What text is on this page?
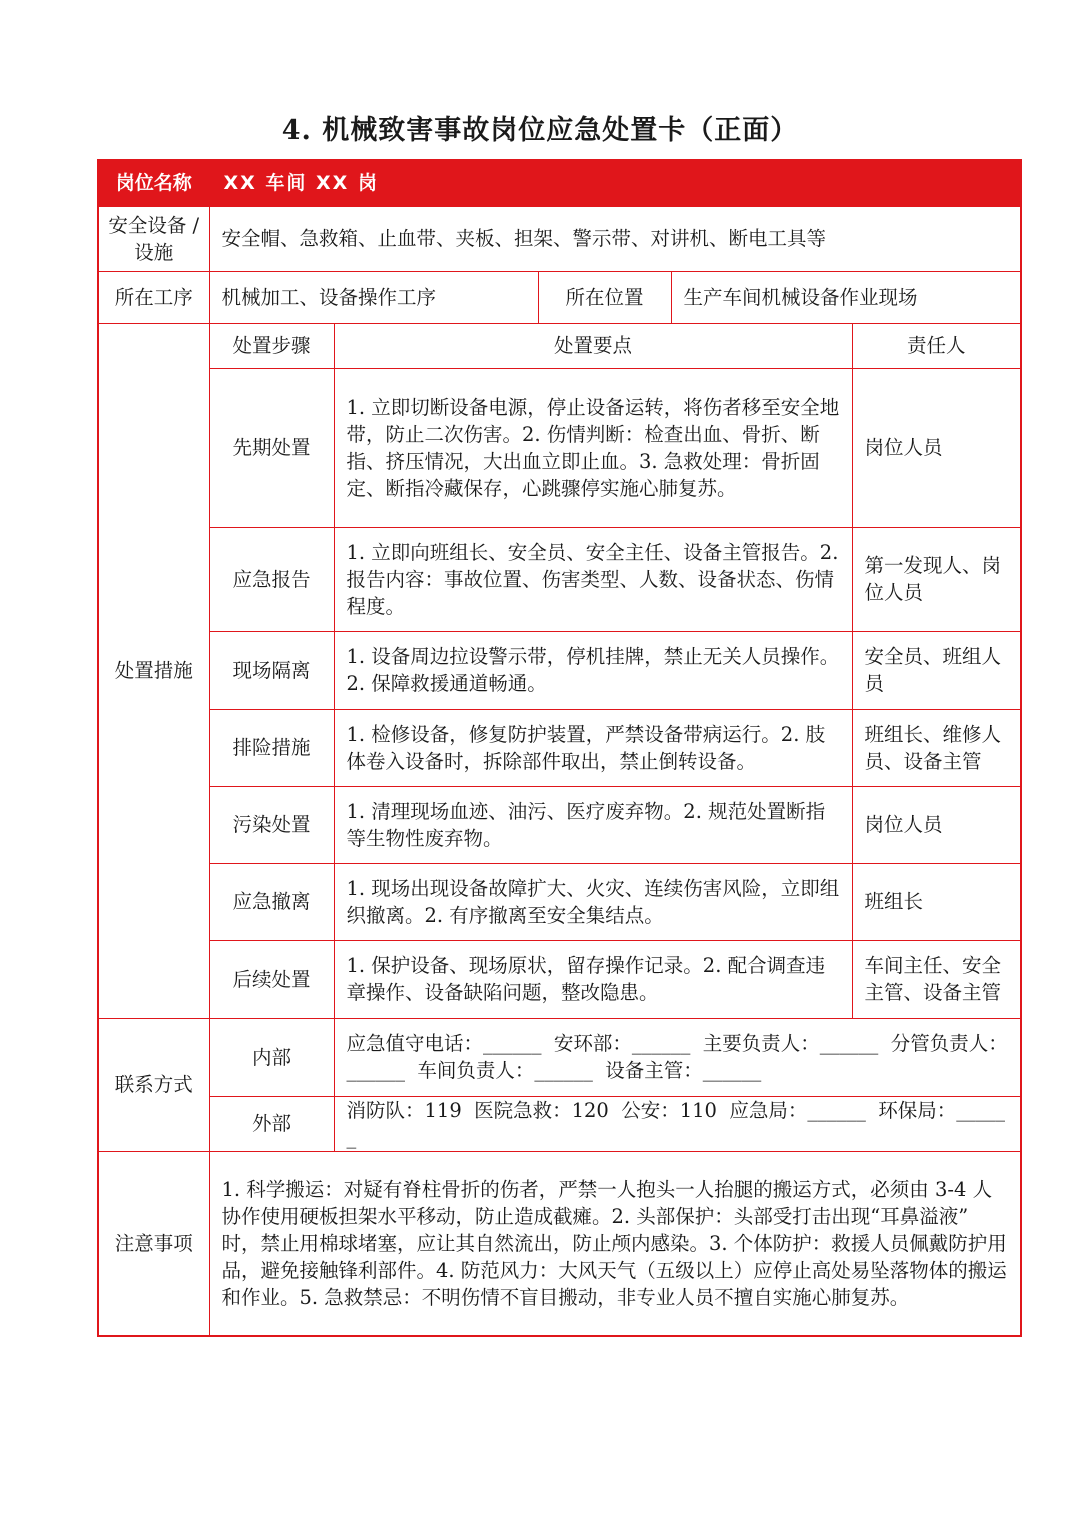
4. 机械致害事故岗位应急处置卡（正面）
岗位名称	XX 车间 XX 岗				
安全设备 / 设施	安全帽、急救箱、止血带、夹板、担架、警示带、对讲机、断电工具等				
所在工序	机械加工、设备操作工序		所在位置	生产车间机械设备作业现场	
处置措施	处置步骤	处置要点			责任人
	先期处置	1. 立即切断设备电源，停止设备运转，将伤者移至安全地带，防止二次伤害。2. 伤情判断：检查出血、骨折、断指、挤压情况，大出血立即止血。3. 急救处理：骨折固定、断指冷藏保存，心跳骤停实施心肺复苏。			岗位人员
	应急报告	1. 立即向班组长、安全员、安全主任、设备主管报告。2. 报告内容：事故位置、伤害类型、人数、设备状态、伤情程度。			第一发现人、岗位人员
	现场隔离	1. 设备周边拉设警示带，停机挂牌，禁止无关人员操作。2. 保障救援通道畅通。			安全员、班组人员
	排险措施	1. 检修设备，修复防护装置，严禁设备带病运行。2. 肢体卷入设备时，拆除部件取出，禁止倒转设备。			班组长、维修人员、设备主管
	污染处置	1. 清理现场血迹、油污、医疗废弃物。2. 规范处置断指等生物性废弃物。			岗位人员
	应急撤离	1. 现场出现设备故障扩大、火灾、连续伤害风险，立即组织撤离。2. 有序撤离至安全集结点。			班组长
	后续处置	1. 保护设备、现场原状，留存操作记录。2. 配合调查违章操作、设备缺陷问题，整改隐患。			车间主任、安全主管、设备主管
联系方式	内部	应急值守电话：______  安环部：______  主要负责人：______  分管负责人：______  车间负责人：______  设备主管：______			
	外部	消防队：119  医院急救：120  公安：110  应急局：______  环保局：______			
注意事项	1. 科学搬运：对疑有脊柱骨折的伤者，严禁一人抱头一人抬腿的搬运方式，必须由 3-4 人协作使用硬板担架水平移动，防止造成截瘫。2. 头部保护：头部受打击出现“耳鼻溢液” 时，禁止用棉球堵塞，应让其自然流出，防止颅内感染。3. 个体防护：救援人员佩戴防护用品，避免接触锋利部件。4. 防范风力：大风天气（五级以上）应停止高处易坠落物体的搬运和作业。5. 急救禁忌：不明伤情不盲目搬动，非专业人员不擅自实施心肺复苏。				
